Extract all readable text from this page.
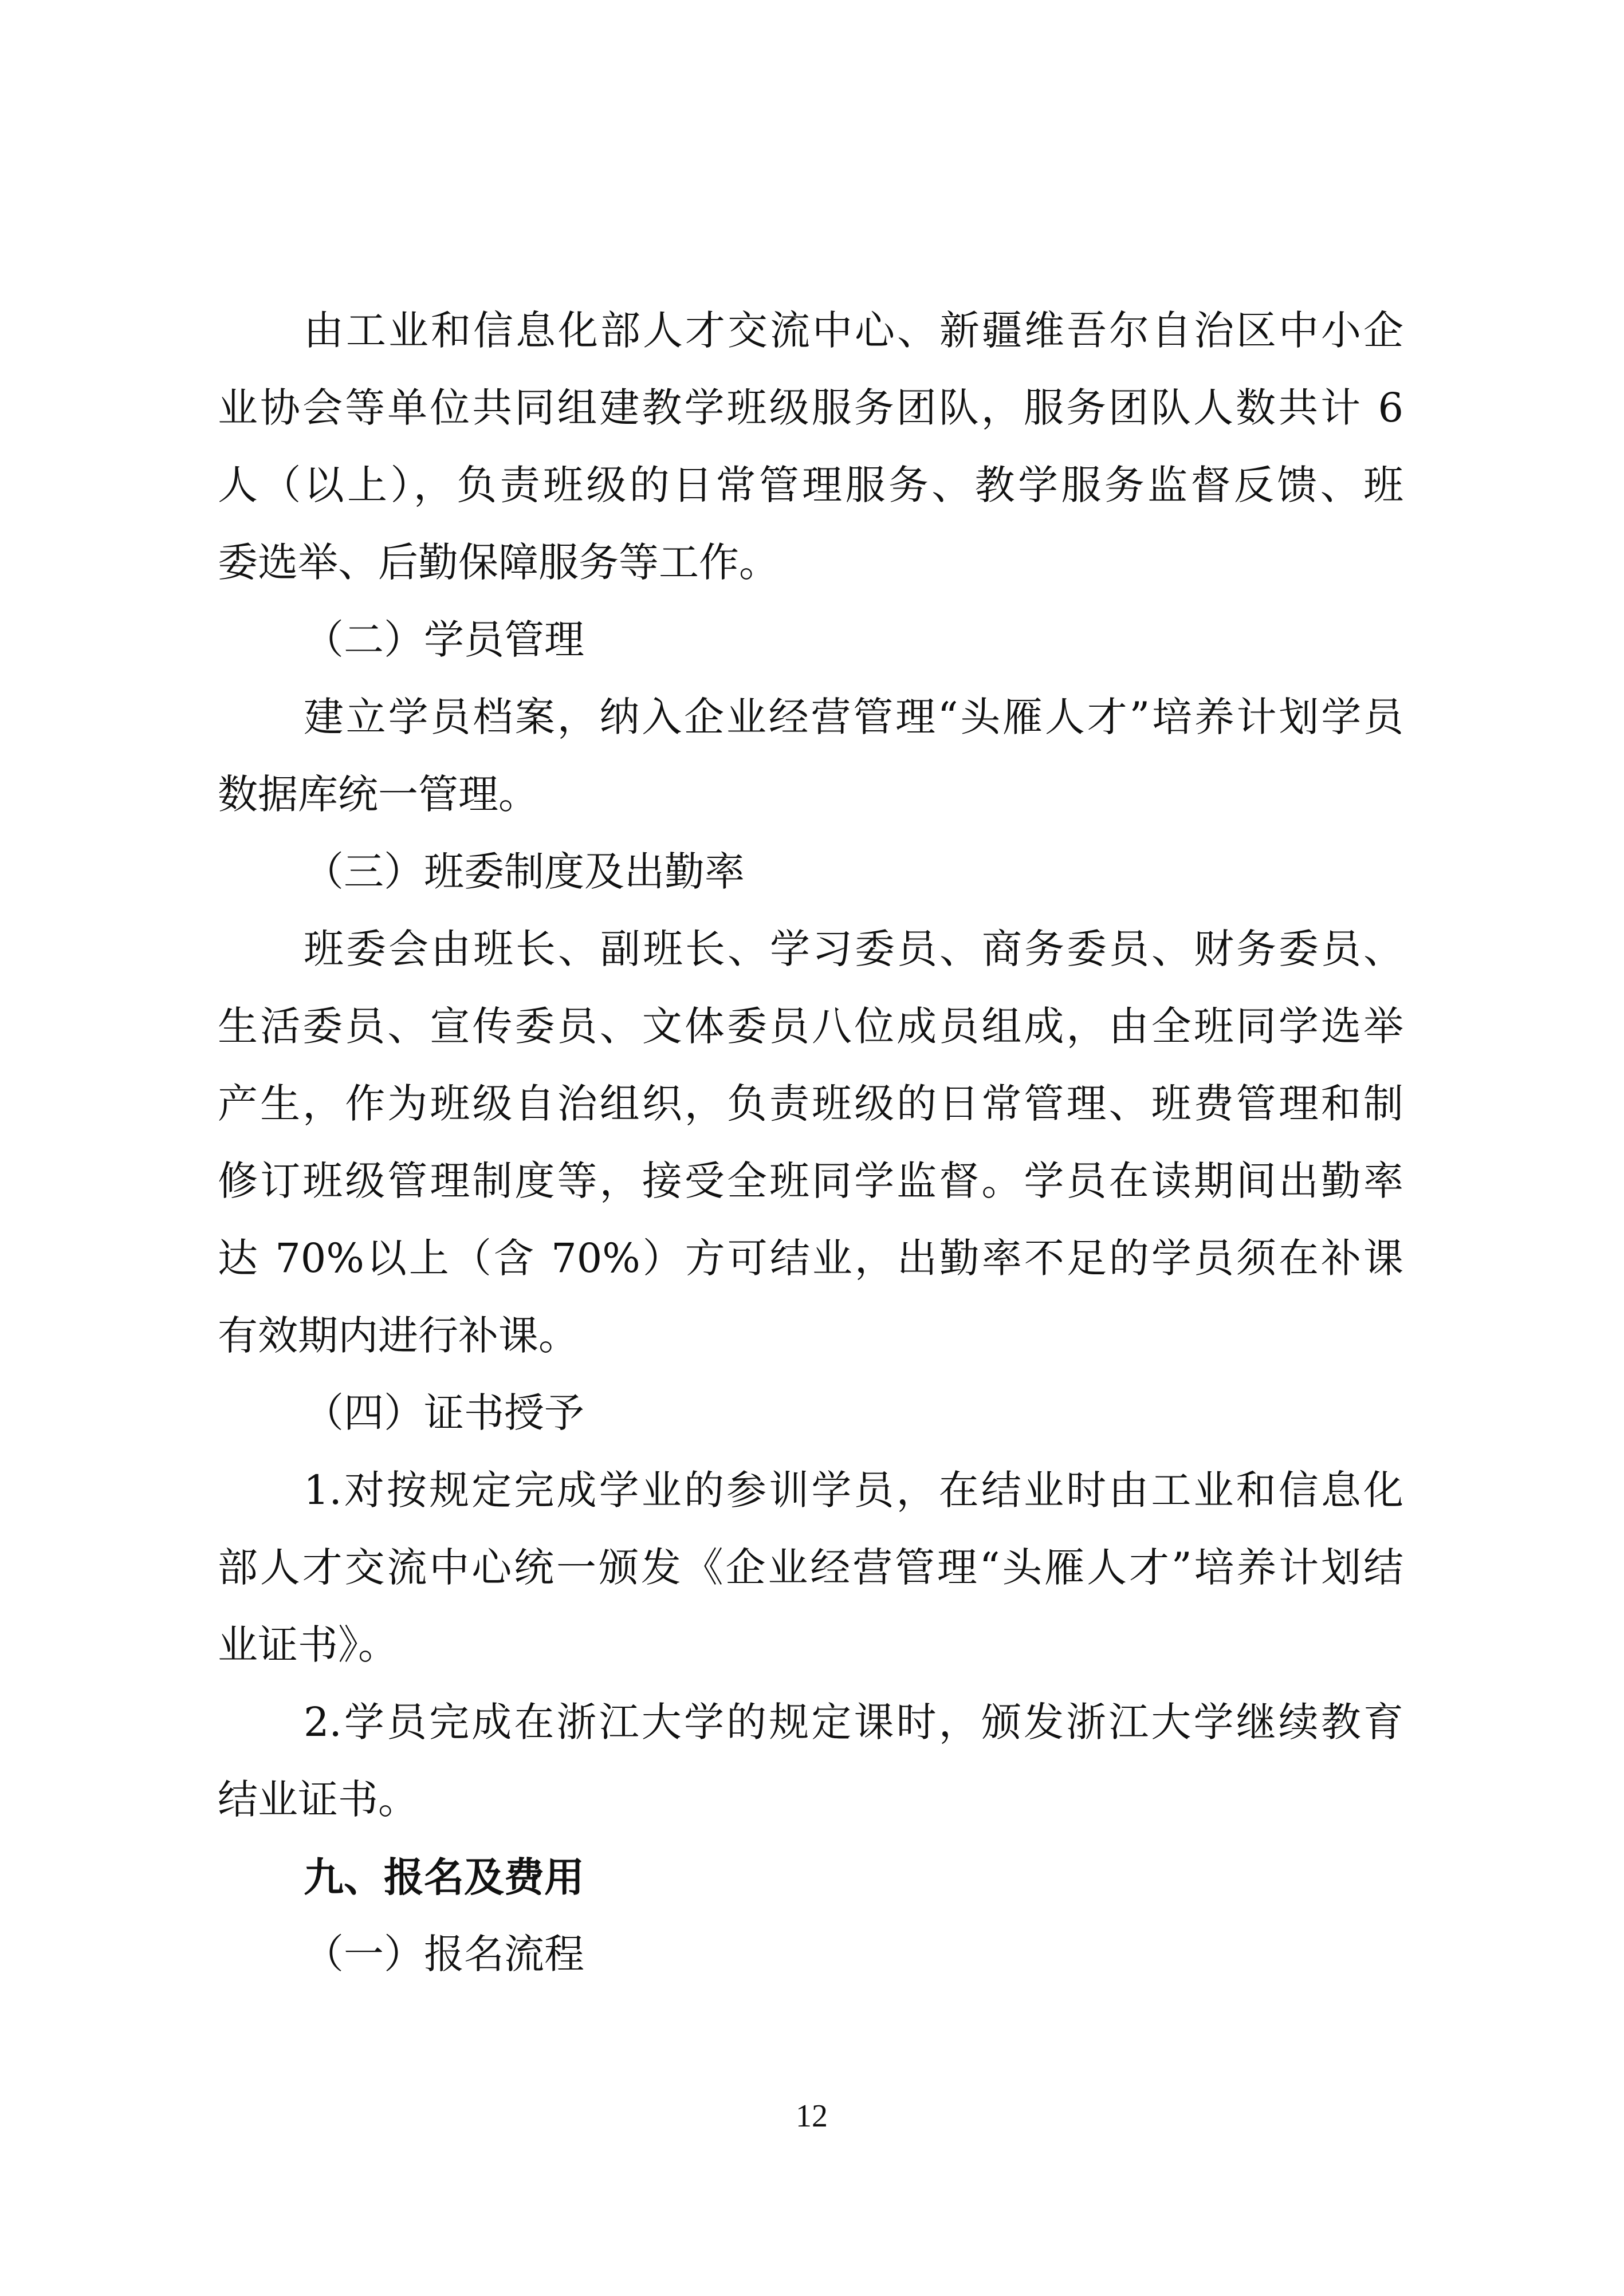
由工业和信息化部人才交流中心、新疆维吾尔自治区中小企
业协会等单位共同组建教学班级服务团队，服务团队人数共计 6
人（以上），负责班级的日常管理服务、教学服务监督反馈、班
委选举、后勤保障服务等工作。
（二）学员管理
建立学员档案，纳入企业经营管理“头雁人才”培养计划学员
数据库统一管理。
（三）班委制度及出勤率
班委会由班长、副班长、学习委员、商务委员、财务委员、
生活委员、宣传委员、文体委员八位成员组成，由全班同学选举
产生，作为班级自治组织，负责班级的日常管理、班费管理和制
修订班级管理制度等，接受全班同学监督。学员在读期间出勤率
达 70%以上（含 70%）方可结业，出勤率不足的学员须在补课
有效期内进行补课。
（四）证书授予
1.对按规定完成学业的参训学员，在结业时由工业和信息化
部人才交流中心统一颁发《企业经营管理“头雁人才”培养计划结
业证书》。
2.学员完成在浙江大学的规定课时，颁发浙江大学继续教育
结业证书。
九、报名及费用
（一）报名流程
12
